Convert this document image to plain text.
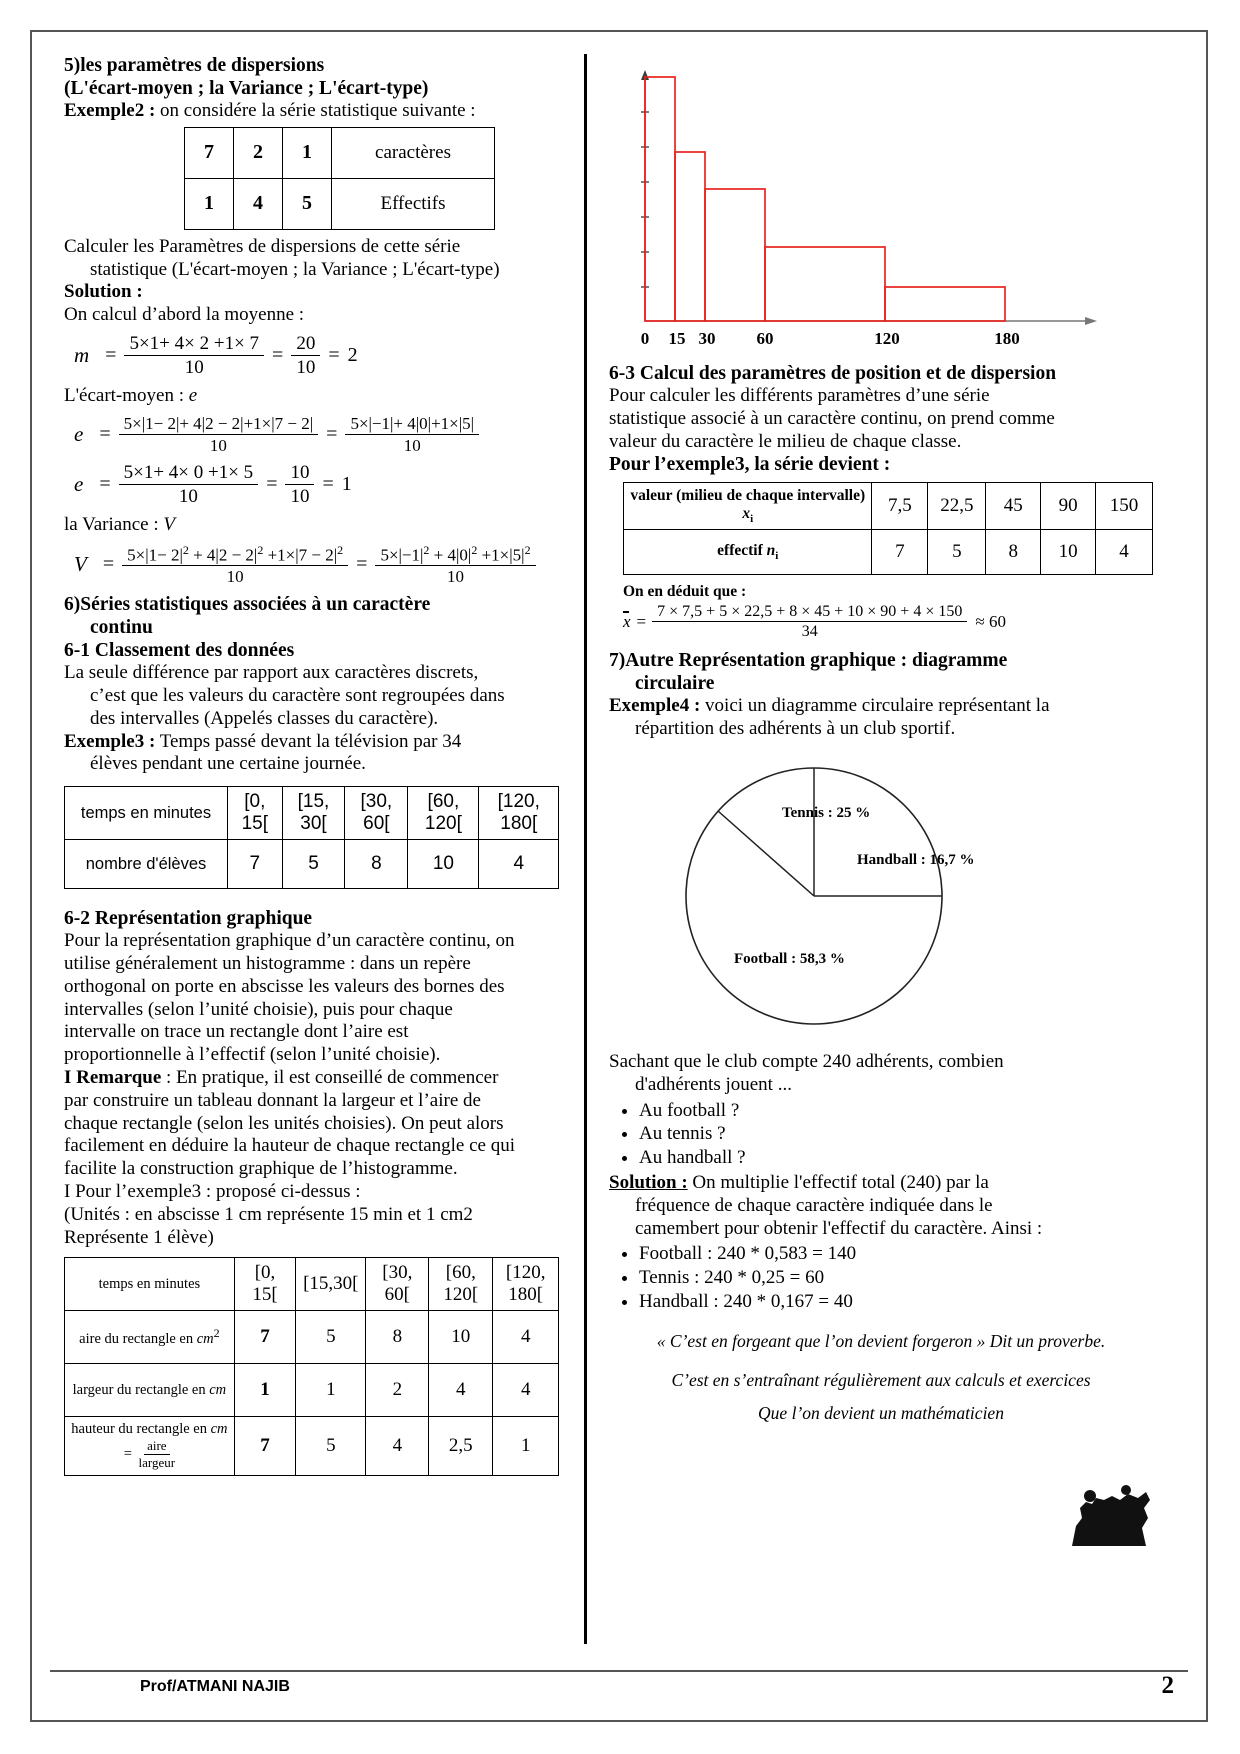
5)les paramètres de dispersions
(L'écart-moyen ; la Variance ; L'écart-type)
Exemple2 : on considére la série statistique suivante :
7	2	1	caractères
1	4	5	Effectifs
Calculer les Paramètres de dispersions de cette série
statistique (L'écart-moyen ; la Variance ; L'écart-type)
Solution :
On calcul d’abord la moyenne :
$m = \frac{5\times 1+ 4\times 2 +1\times 7}{10} = \frac{20}{10} = 2$
L'écart-moyen : e
$e = \frac{5\times|1- 2|+ 4|2 - 2|+1\times|7 - 2|}{10} = \frac{5\times|-1|+ 4|0|+1\times|5|}{10}$
$e = \frac{5\times 1+ 4\times 0 +1\times 5}{10} = \frac{10}{10} = 1$
la Variance : V
$V = \frac{5\times|1- 2|^2 + 4|2 - 2|^2 +1\times|7 - 2|^2}{10} = \frac{5\times|-1|^2 + 4|0|^2 +1\times|5|^2}{10}$
6)Séries statistiques associées à un caractère
continu
6-1 Classement des données
La seule différence par rapport aux caractères discrets,
c’est que les valeurs du caractère sont regroupées dans
des intervalles (Appelés classes du caractère).
Exemple3 : Temps passé devant la télévision par 34
élèves pendant une certaine journée.
temps en minutes	[0, 15[	[15, 30[	[30, 60[	[60, 120[	[120, 180[
nombre d'élèves	7	5	8	10	4
6-2 Représentation graphique
Pour la représentation graphique d’un caractère continu, on
utilise généralement un histogramme : dans un repère
orthogonal on porte en abscisse les valeurs des bornes des
intervalles (selon l’unité choisie), puis pour chaque
intervalle on trace un rectangle dont l’aire est
proportionnelle à l’effectif (selon l’unité choisie).
I Remarque : En pratique, il est conseillé de commencer
par construire un tableau donnant la largeur et l’aire de
chaque rectangle (selon les unités choisies). On peut alors
facilement en déduire la hauteur de chaque rectangle ce qui
facilite la construction graphique de l’histogramme.
I Pour l’exemple3 : proposé ci-dessus :
(Unités : en abscisse 1 cm représente 15 min et 1 cm2
Représente 1 élève)
temps en minutes	[0, 15[	[15,30[	[30, 60[	[60, 120[	[120, 180[
aire du rectangle en $cm^2$	7	5	8	10	4
largeur du rectangle en cm	1	1	2	4	4
hauteur du rectangle en cm =
aire
largeur	7	5	4	2,5	1
0 15 30 60	120	180
6-3 Calcul des paramètres de position et de dispersion
Pour calculer les différents paramètres d’une série
statistique associé à un caractère continu, on prend comme
valeur du caractère le milieu de chaque classe.
Pour l’exemple3, la série devient :
valeur (milieu de chaque intervalle) $x_i$	7,5	22,5	45	90	150
effectif $n_i$	7	5	8	10	4
On en déduit que :
$x = \frac{7 \times 7,5 + 5 \times 22,5 + 8 \times 45 + 10 \times 90 + 4 \times 150}{34} \approx 60$
7)Autre Représentation graphique : diagramme
circulaire
Exemple4 : voici un diagramme circulaire représentant la
répartition des adhérents à un club sportif.
Tennis : 25 %
Handball : 16,7 %
Football : 58,3 %
Sachant que le club compte 240 adhérents, combien
d'adhérents jouent ...
• Au football ?
• Au tennis ?
• Au handball ?
Solution : On multiplie l'effectif total (240) par la
fréquence de chaque caractère indiquée dans le
camembert pour obtenir l'effectif du caractère. Ainsi :
• Football : 240 * 0,583 = 140
• Tennis : 240 * 0,25 = 60
• Handball : 240 * 0,167 = 40
« C’est en forgeant que l’on devient forgeron » Dit un proverbe.
C’est en s’entraînant régulièrement aux calculs et exercices
Que l’on devient un mathématicien
Prof/ATMANI NAJIB	2
